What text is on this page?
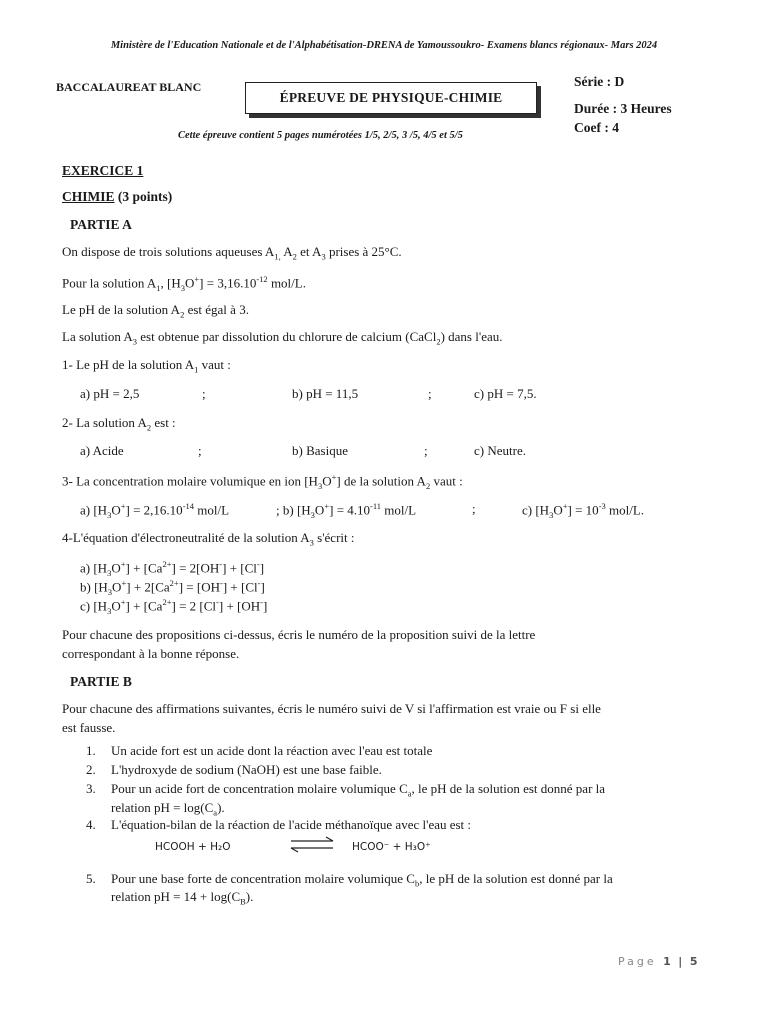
Ministère de l'Education Nationale et de l'Alphabétisation-DRENA de Yamoussoukro- Examens blancs régionaux- Mars 2024
BACCALAUREAT BLANC
ÉPREUVE DE PHYSIQUE-CHIMIE
Série : D
Durée : 3 Heures
Coef : 4
Cette épreuve contient 5 pages numérotées 1/5, 2/5, 3 /5, 4/5 et 5/5
EXERCICE 1
CHIMIE (3 points)
PARTIE A
On dispose de trois solutions aqueuses $A_{1,}$ $A_2$ et $A_3$ prises à 25°C.
Pour la solution $A_1$, $[H_3O^+] = 3,16.10^{-12}$ mol/L.
Le pH de la solution $A_2$ est égal à 3.
La solution $A_3$ est obtenue par dissolution du chlorure de calcium (CaCl$_2$) dans l'eau.
1- Le pH de la solution $A_1$ vaut :
a) pH = 2,5	;	b) pH = 11,5	;	c) pH = 7,5.
2- La solution $A_2$ est :
a) Acide	;	b) Basique	;	c) Neutre.
3- La concentration molaire volumique en ion $[H_3O^+]$ de la solution $A_2$ vaut :
a) $[H_3O^+] = 2,16.10^{-14}$ mol/L	; b) $[H_3O^+] = 4.10^{-11}$ mol/L	;	c) $[H_3O^+] = 10^{-3}$ mol/L.
4-L'équation d'électroneutralité de la solution $A_3$ s'écrit :
a) $[H_3O^+] + [Ca^{2+}] = 2[OH^-] + [Cl^-]$
b) $[H_3O^+] + 2[Ca^{2+}] = [OH^-] + [Cl^-]$
c) $[H_3O^+] + [Ca^{2+}] = 2$ [Cl-] + [OH-]
Pour chacune des propositions ci-dessus, écris le numéro de la proposition suivi de la lettre
correspondant à la bonne réponse.
PARTIE B
Pour chacune des affirmations suivantes, écris le numéro suivi de V si l'affirmation est vraie ou F si elle
est fausse.
1. Un acide fort est un acide dont la réaction avec l'eau est totale
2. L'hydroxyde de sodium (NaOH) est une base faible.
3. Pour un acide fort de concentration molaire volumique $C_a$, le pH de la solution est donné par la
relation pH = $\log(C_a)$.
4. L'équation-bilan de la réaction de l'acide méthanoïque avec l'eau est :
HCOOH + H₂O	⇌ HCOO⁻ + H₃O⁺
5. Pour une base forte de concentration molaire volumique $C_b$, le pH de la solution est donné par la
relation pH = $14 + \log(C_B)$.
Page 1 | 5
